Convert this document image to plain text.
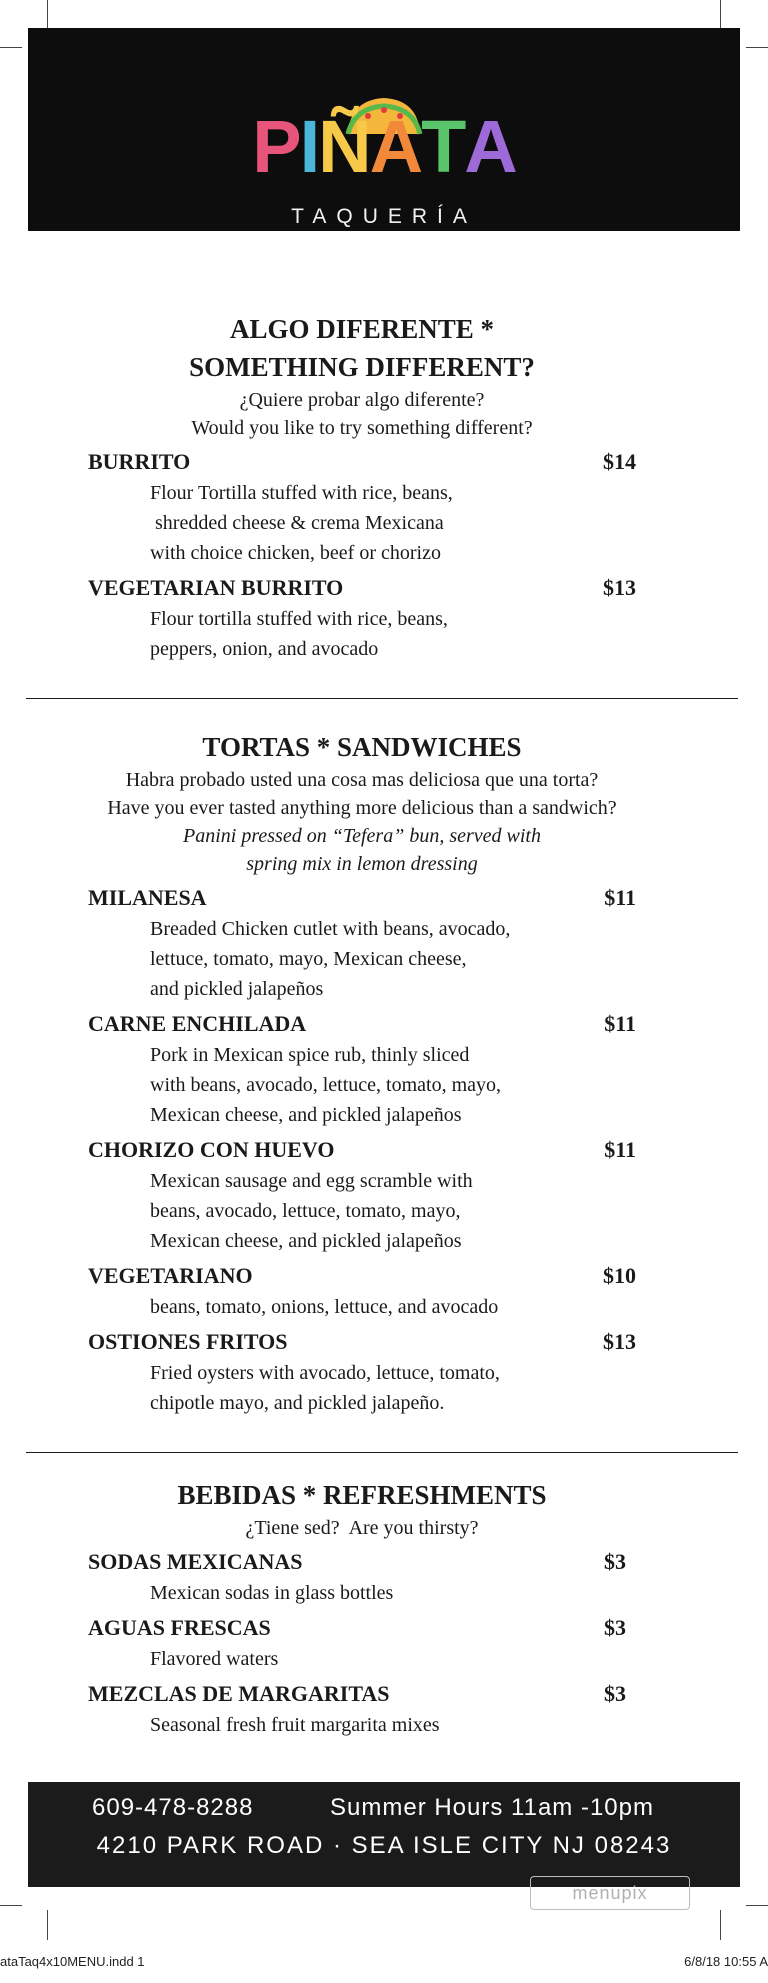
PIÑATA
TAQUERÍA
ALGO DIFERENTE *
SOMETHING DIFFERENT?
¿Quiere probar algo diferente?
Would you like to try something different?
BURRITO	$14
Flour Tortilla stuffed with rice, beans,
shredded cheese & crema Mexicana
with choice chicken, beef or chorizo
VEGETARIAN BURRITO	$13
Flour tortilla stuffed with rice, beans,
peppers, onion, and avocado
TORTAS * SANDWICHES
Habra probado usted una cosa mas deliciosa que una torta?
Have you ever tasted anything more delicious than a sandwich?
Panini pressed on “Tefera” bun, served with
spring mix in lemon dressing
MILANESA	$11
Breaded Chicken cutlet with beans, avocado,
lettuce, tomato, mayo, Mexican cheese,
and pickled jalapeños
CARNE ENCHILADA	$11
Pork in Mexican spice rub, thinly sliced
with beans, avocado, lettuce, tomato, mayo,
Mexican cheese, and pickled jalapeños
CHORIZO CON HUEVO	$11
Mexican sausage and egg scramble with
beans, avocado, lettuce, tomato, mayo,
Mexican cheese, and pickled jalapeños
VEGETARIANO	$10
beans, tomato, onions, lettuce, and avocado
OSTIONES FRITOS	$13
Fried oysters with avocado, lettuce, tomato,
chipotle mayo, and pickled jalapeño.
BEBIDAS * REFRESHMENTS
¿Tiene sed?  Are you thirsty?
SODAS MEXICANAS	$3
Mexican sodas in glass bottles
AGUAS FRESCAS	$3
Flavored waters
MEZCLAS DE MARGARITAS	$3
Seasonal fresh fruit margarita mixes
609-478-8288	Summer Hours 11am -10pm
4210 PARK ROAD · SEA ISLE CITY NJ 08243
menupix
ataTaq4x10MENU.indd 1	6/8/18 10:55 A
